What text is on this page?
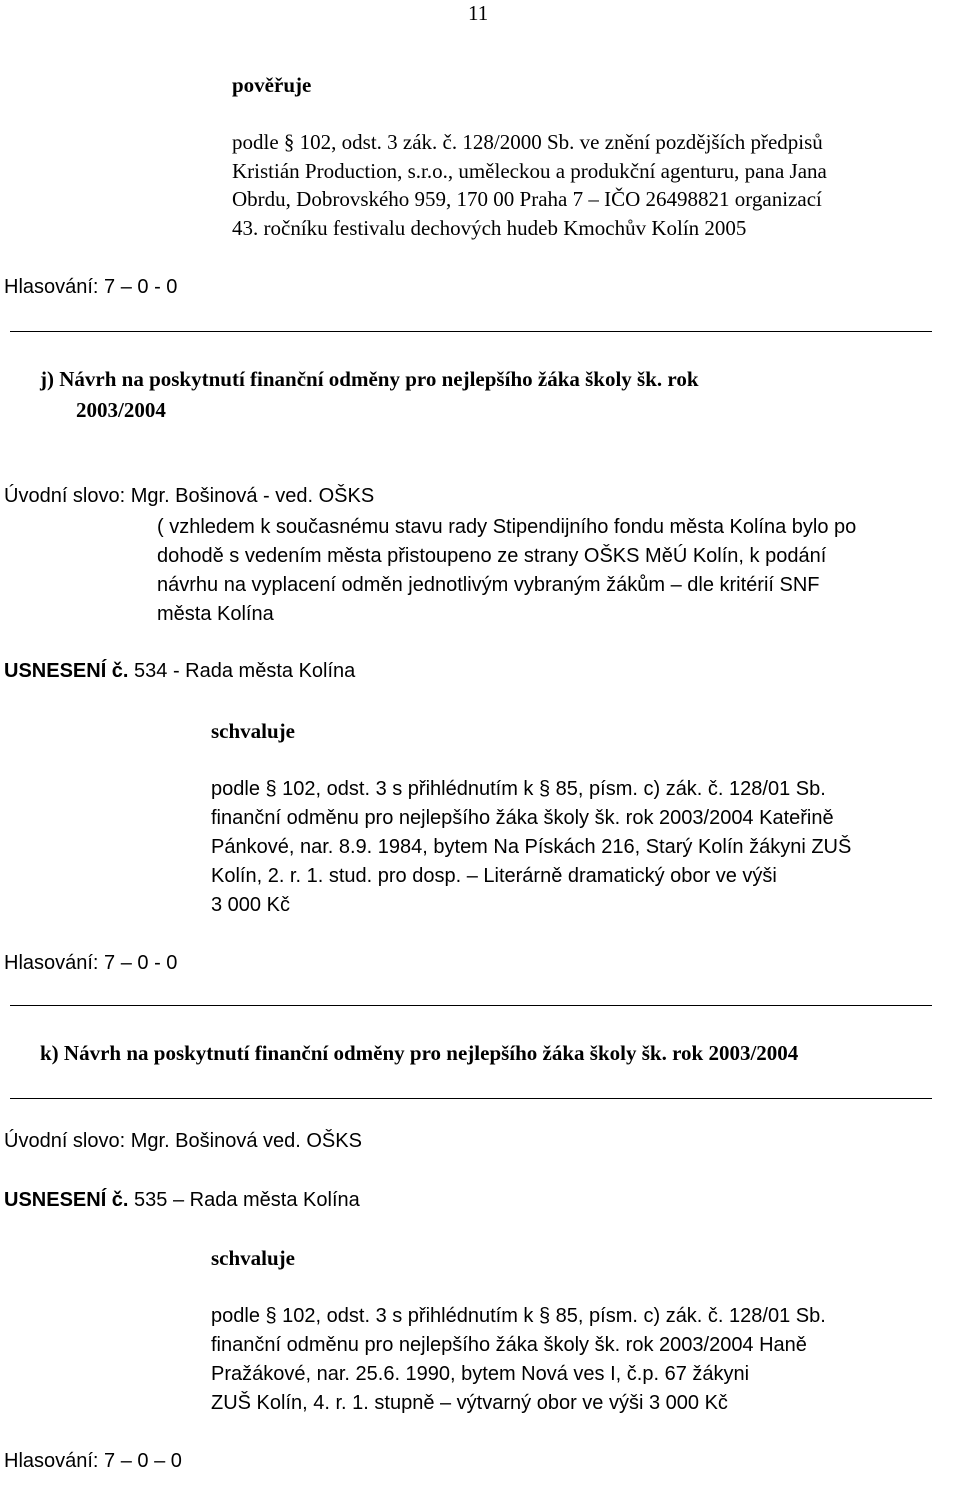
11
pověřuje
podle § 102, odst. 3 zák. č. 128/2000 Sb. ve znění pozdějších předpisů
Kristián Production, s.r.o., uměleckou a produkční agenturu, pana Jana
Obrdu, Dobrovského 959, 170 00 Praha 7 – IČO 26498821 organizací
43. ročníku festivalu dechových hudeb Kmochův Kolín 2005
Hlasování: 7 – 0 - 0
j) Návrh na poskytnutí finanční odměny pro nejlepšího žáka školy šk. rok
2003/2004
Úvodní slovo: Mgr. Bošinová - ved. OŠKS
( vzhledem k současnému stavu rady Stipendijního fondu města Kolína bylo po
dohodě s vedením města přistoupeno ze strany OŠKS MěÚ Kolín, k podání
návrhu na vyplacení odměn jednotlivým vybraným žákům – dle kritérií SNF
města Kolína
USNESENÍ č. 534 - Rada města Kolína
schvaluje
podle § 102, odst. 3 s přihlédnutím k § 85, písm. c) zák. č. 128/01 Sb.
finanční odměnu pro nejlepšího žáka školy šk. rok 2003/2004 Kateřině
Pánkové, nar. 8.9. 1984, bytem Na Pískách 216, Starý Kolín žákyni ZUŠ
Kolín, 2. r. 1. stud. pro dosp. – Literárně dramatický obor ve výši
3 000 Kč
Hlasování: 7 – 0 - 0
k) Návrh na poskytnutí finanční odměny pro nejlepšího žáka školy šk. rok 2003/2004
Úvodní slovo: Mgr. Bošinová ved. OŠKS
USNESENÍ č. 535 – Rada města Kolína
schvaluje
podle § 102, odst. 3 s přihlédnutím k § 85, písm. c) zák. č. 128/01 Sb.
finanční odměnu pro nejlepšího žáka školy šk. rok 2003/2004 Haně
Pražákové, nar. 25.6. 1990, bytem Nová ves I, č.p. 67 žákyni
ZUŠ Kolín, 4. r. 1. stupně – výtvarný obor ve výši 3 000 Kč
Hlasování: 7 – 0 – 0
